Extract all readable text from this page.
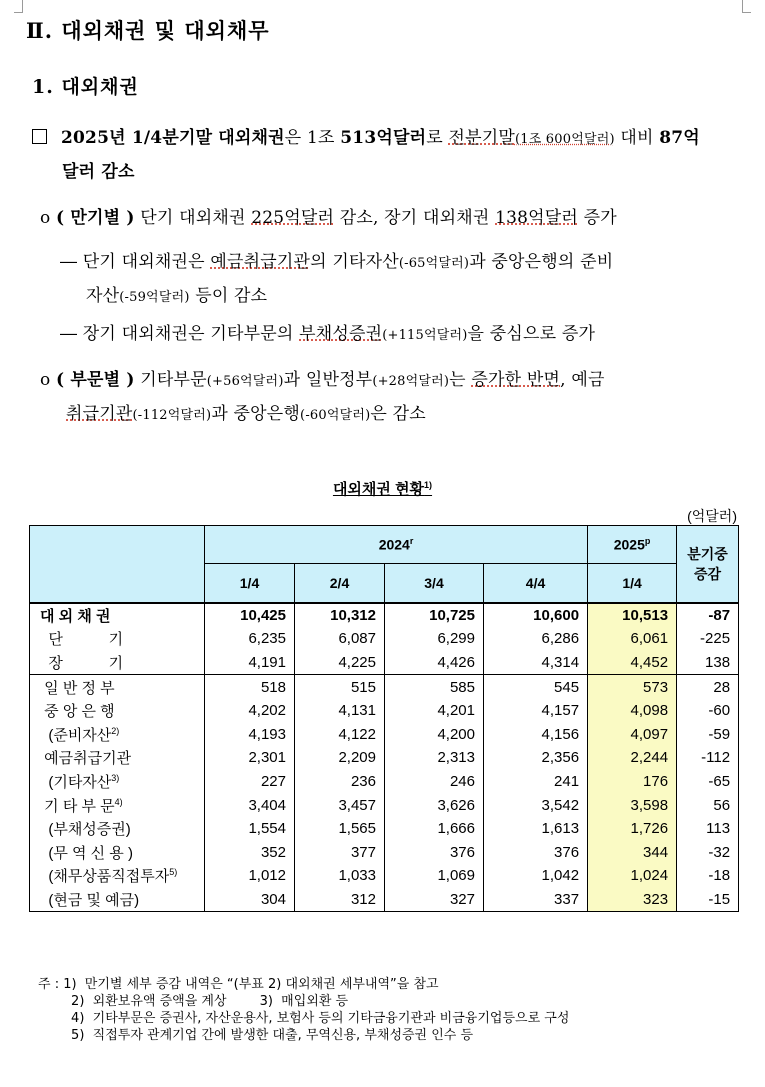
Ⅱ. 대외채권 및 대외채무
1. 대외채권
2025년 1/4분기말 대외채권은 1조 513억달러로 전분기말(1조 600억달러) 대비 87억
달러 감소
o ( 만기별 ) 단기 대외채권 225억달러 감소, 장기 대외채권 138억달러 증가
― 단기 대외채권은 예금취급기관의 기타자산(-65억달러)과 중앙은행의 준비
자산(-59억달러) 등이 감소
― 장기 대외채권은 기타부문의 부채성증권(+115억달러)을 중심으로 증가
o ( 부문별 ) 기타부문(+56억달러)과 일반정부(+28억달러)는 증가한 반면, 예금
취급기관(-112억달러)과 중앙은행(-60억달러)은 감소
대외채권 현황$^{1)}$
(억달러)
	2024$^r$				2025$^p$	분기중
증감
	1/4	2/4	3/4	4/4	1/4	
대 외 채 권	10,425	10,312	10,725	10,600	10,513	-87
단           기	6,235	6,087	6,299	6,286	6,061	-225
장           기	4,191	4,225	4,426	4,314	4,452	138
일 반 정 부	518	515	585	545	573	28
중 앙 은 행	4,202	4,131	4,201	4,157	4,098	-60
(준비자산$^{2)}$	4,193	4,122	4,200	4,156	4,097	-59
예금취급기관	2,301	2,209	2,313	2,356	2,244	-112
(기타자산$^{3)}$	227	236	246	241	176	-65
기 타 부 문$^{4)}$	3,404	3,457	3,626	3,542	3,598	56
(부채성증권)	1,554	1,565	1,666	1,613	1,726	113
(무 역 신 용 )	352	377	376	376	344	-32
(채무상품직접투자$^{5)}$	1,012	1,033	1,069	1,042	1,024	-18
(현금 및 예금)	304	312	327	337	323	-15
주 : 1)  만기별 세부 증감 내역은 “(부표 2) 대외채권 세부내역”을 참고
2)  외환보유액 증액을 계상        3)  매입외환 등
4)  기타부문은 증권사, 자산운용사, 보험사 등의 기타금융기관과 비금융기업등으로 구성
5)  직접투자 관계기업 간에 발생한 대출, 무역신용, 부채성증권 인수 등
